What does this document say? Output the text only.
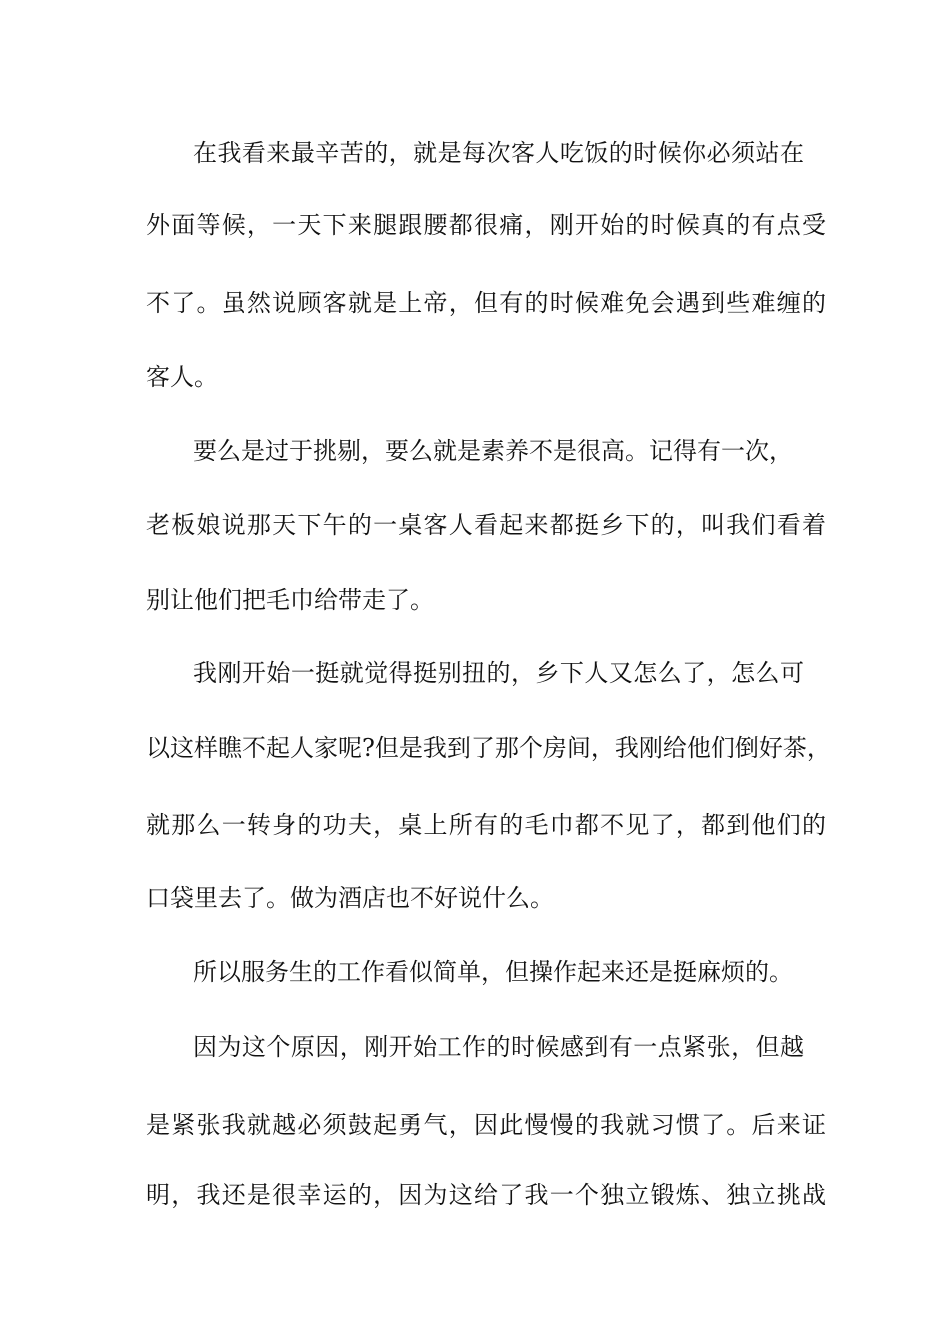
在我看来最辛苦的，就是每次客人吃饭的时候你必须站在
外面等候，一天下来腿跟腰都很痛，刚开始的时候真的有点受
不了。虽然说顾客就是上帝，但有的时候难免会遇到些难缠的
客人。
要么是过于挑剔，要么就是素养不是很高。记得有一次，
老板娘说那天下午的一桌客人看起来都挺乡下的，叫我们看着
别让他们把毛巾给带走了。
我刚开始一挺就觉得挺别扭的，乡下人又怎么了，怎么可
以这样瞧不起人家呢?但是我到了那个房间，我刚给他们倒好茶，
就那么一转身的功夫，桌上所有的毛巾都不见了，都到他们的
口袋里去了。做为酒店也不好说什么。
所以服务生的工作看似简单，但操作起来还是挺麻烦的。
因为这个原因，刚开始工作的时候感到有一点紧张，但越
是紧张我就越必须鼓起勇气，因此慢慢的我就习惯了。后来证
明，我还是很幸运的，因为这给了我一个独立锻炼、独立挑战
